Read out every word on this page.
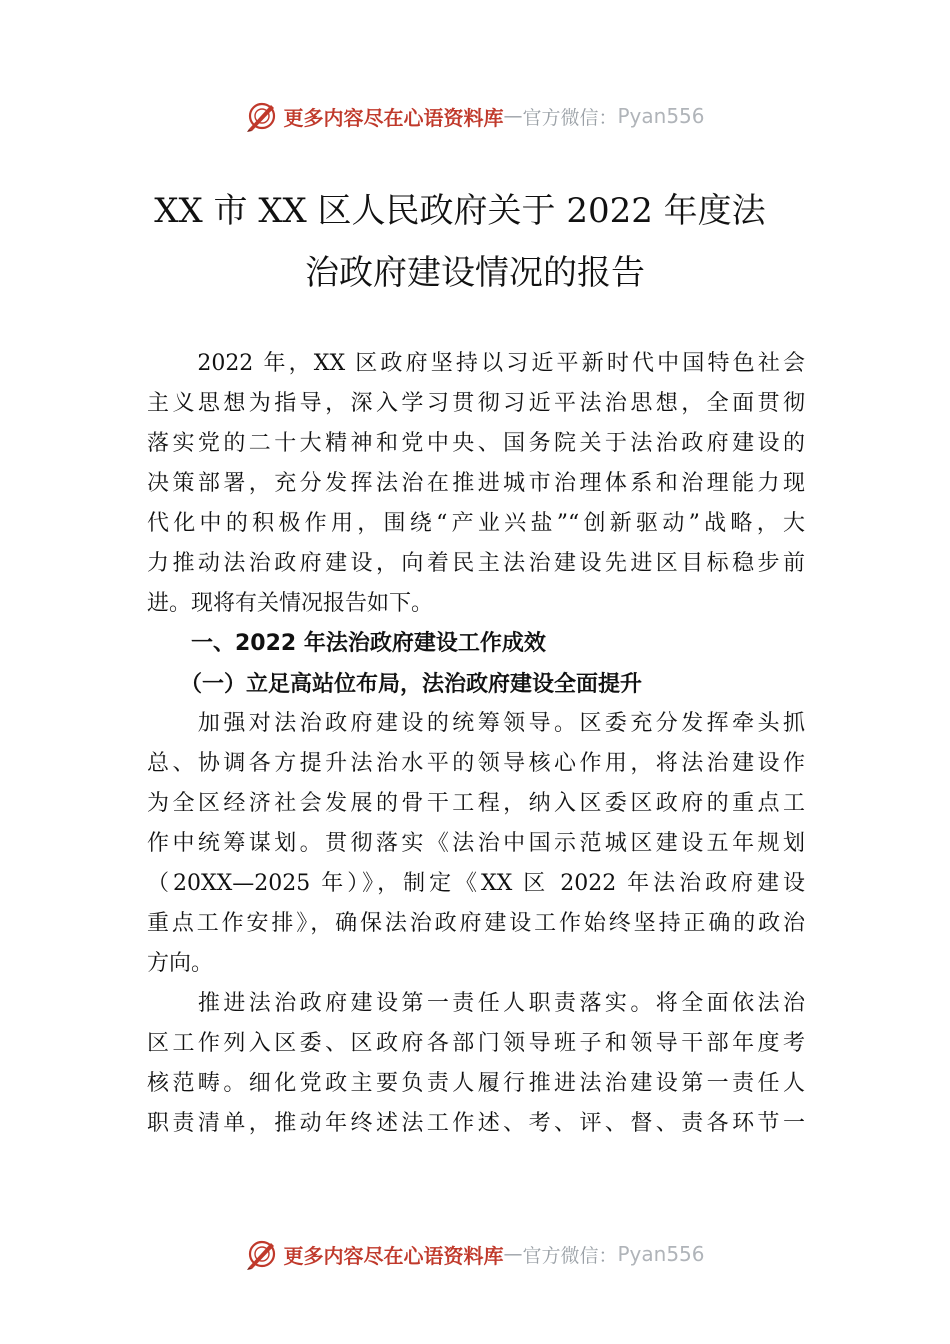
更多内容尽在心语资料库 — 官方微信： Pyan556
XX 市 XX 区人民政府关于 2022 年度法
治政府建设情况的报告
　　2022 年，XX 区政府坚持以习近平新时代中国特色社会
主义思想为指导，深入学习贯彻习近平法治思想，全面贯彻
落实党的二十大精神和党中央、国务院关于法治政府建设的
决策部署，充分发挥法治在推进城市治理体系和治理能力现
代化中的积极作用，围绕“产业兴盐”“创新驱动”战略，大
力推动法治政府建设，向着民主法治建设先进区目标稳步前
进。现将有关情况报告如下。
　　一、2022 年法治政府建设工作成效
　　（一）立足高站位布局，法治政府建设全面提升
　　加强对法治政府建设的统筹领导。区委充分发挥牵头抓
总、协调各方提升法治水平的领导核心作用，将法治建设作
为全区经济社会发展的骨干工程，纳入区委区政府的重点工
作中统筹谋划。贯彻落实《法治中国示范城区建设五年规划
（20XX—2025 年）》，制定《XX 区 2022 年法治政府建设
重点工作安排》，确保法治政府建设工作始终坚持正确的政治
方向。
　　推进法治政府建设第一责任人职责落实。将全面依法治
区工作列入区委、区政府各部门领导班子和领导干部年度考
核范畴。细化党政主要负责人履行推进法治建设第一责任人
职责清单，推动年终述法工作述、考、评、督、责各环节一
更多内容尽在心语资料库 — 官方微信： Pyan556
